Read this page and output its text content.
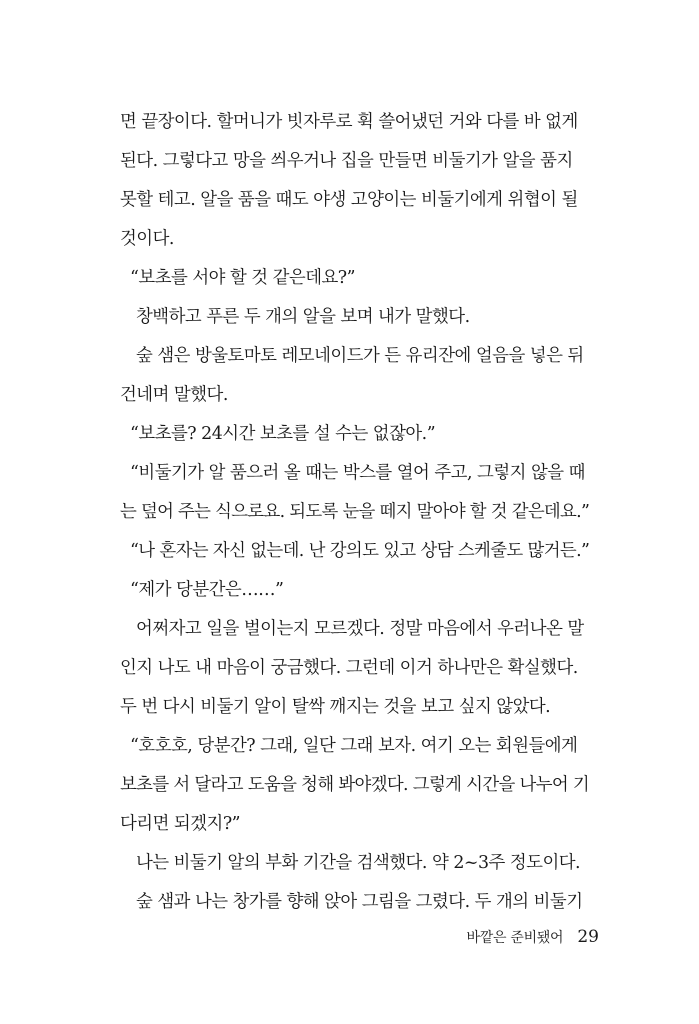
면 끝장이다. 할머니가 빗자루로 휙 쓸어냈던 거와 다를 바 없게
된다. 그렇다고 망을 씌우거나 집을 만들면 비둘기가 알을 품지
못할 테고. 알을 품을 때도 야생 고양이는 비둘기에게 위협이 될
것이다.
“보초를 서야 할 것 같은데요?”
창백하고 푸른 두 개의 알을 보며 내가 말했다.
숲 샘은 방울토마토 레모네이드가 든 유리잔에 얼음을 넣은 뒤
건네며 말했다.
“보초를? 24시간 보초를 설 수는 없잖아.”
“비둘기가 알 품으러 올 때는 박스를 열어 주고, 그렇지 않을 때
는 덮어 주는 식으로요. 되도록 눈을 떼지 말아야 할 것 같은데요.”
“나 혼자는 자신 없는데. 난 강의도 있고 상담 스케줄도 많거든.”
“제가 당분간은……”
어쩌자고 일을 벌이는지 모르겠다. 정말 마음에서 우러나온 말
인지 나도 내 마음이 궁금했다. 그런데 이거 하나만은 확실했다.
두 번 다시 비둘기 알이 탈싹 깨지는 것을 보고 싶지 않았다.
“호호호, 당분간? 그래, 일단 그래 보자. 여기 오는 회원들에게
보초를 서 달라고 도움을 청해 봐야겠다. 그렇게 시간을 나누어 기
다리면 되겠지?”
나는 비둘기 알의 부화 기간을 검색했다. 약 2~3주 정도이다.
숲 샘과 나는 창가를 향해 앉아 그림을 그렸다. 두 개의 비둘기
바깥은 준비됐어 29
